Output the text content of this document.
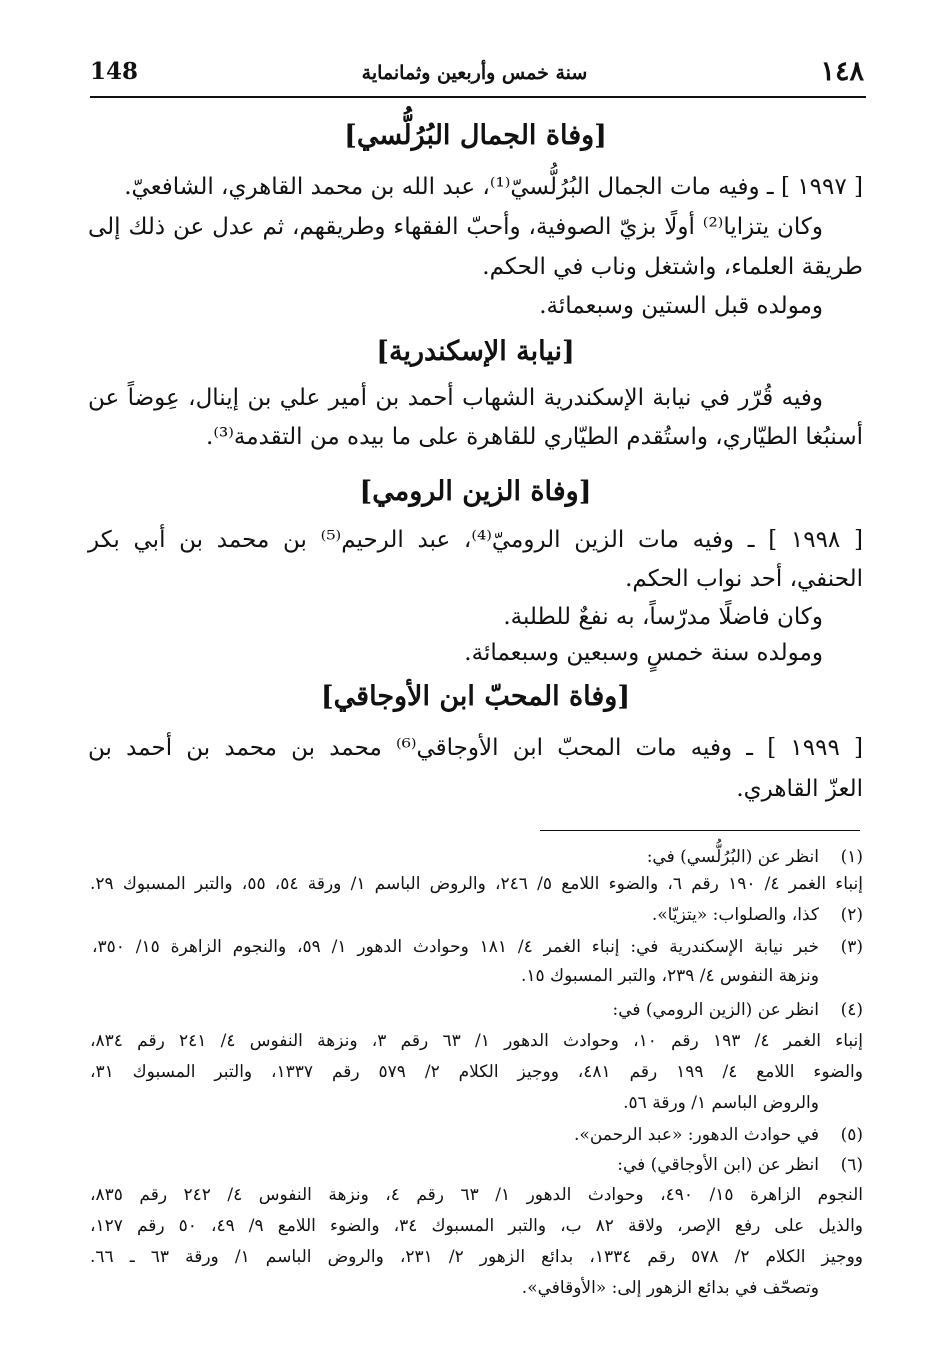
١٤٨
سنة خمس وأربعين وثمانماية
148
[وفاة الجمال البُرُلُّسي]
[ ١٩٩٧ ] ـ وفيه مات الجمال البُرُلُّسيّ⁽¹⁾، عبد الله بن محمد القاهري، الشافعيّ.
وكان يتزايا⁽²⁾ أولًا بزيّ الصوفية، وأحبّ الفقهاء وطريقهم، ثم عدل عن ذلك إلى
طريقة العلماء، واشتغل وناب في الحكم.
ومولده قبل الستين وسبعمائة.
[نيابة الإسكندرية]
وفيه قُرّر في نيابة الإسكندرية الشهاب أحمد بن أمير علي بن إينال، عِوضاً عن
أسنبُغا الطيّاري، واستُقدم الطيّاري للقاهرة على ما بيده من التقدمة⁽³⁾.
[وفاة الزين الرومي]
[ ١٩٩٨ ] ـ وفيه مات الزين الروميّ⁽⁴⁾، عبد الرحيم⁽⁵⁾ بن محمد بن أبي بكر
الحنفي، أحد نواب الحكم.
وكان فاضلًا مدرّساً، به نفعٌ للطلبة.
ومولده سنة خمسٍ وسبعين وسبعمائة.
[وفاة المحبّ ابن الأوجاقي]
[ ١٩٩٩ ] ـ وفيه مات المحبّ ابن الأوجاقي⁽⁶⁾ محمد بن محمد بن أحمد بن
العزّ القاهري.
(١)
انظر عن (البُرُلُّسي) في:
إنباء الغمر ٤/ ١٩٠ رقم ٦، والضوء اللامع ٥/ ٢٤٦، والروض الباسم ١/ ورقة ٥٤، ٥٥، والتبر المسبوك ٢٩.
(٢)
كذا، والصلواب: «يتزيّا».
(٣)
خبر نيابة الإسكندرية في: إنباء الغمر ٤/ ١٨١ وحوادث الدهور ١/ ٥٩، والنجوم الزاهرة ١٥/ ٣٥٠،
ونزهة النفوس ٤/ ٢٣٩، والتبر المسبوك ١٥.
(٤)
انظر عن (الزين الرومي) في:
إنباء الغمر ٤/ ١٩٣ رقم ١٠، وحوادث الدهور ١/ ٦٣ رقم ٣، ونزهة النفوس ٤/ ٢٤١ رقم ٨٣٤،
والضوء اللامع ٤/ ١٩٩ رقم ٤٨١، ووجيز الكلام ٢/ ٥٧٩ رقم ١٣٣٧، والتبر المسبوك ٣١،
والروض الباسم ١/ ورقة ٥٦.
(٥)
في حوادث الدهور: «عبد الرحمن».
(٦)
انظر عن (ابن الأوجاقي) في:
النجوم الزاهرة ١٥/ ٤٩٠، وحوادث الدهور ١/ ٦٣ رقم ٤، ونزهة النفوس ٤/ ٢٤٢ رقم ٨٣٥،
والذيل على رفع الإصر، ولاقة ٨٢ ب، والتبر المسبوك ٣٤، والضوء اللامع ٩/ ٤٩، ٥٠ رقم ١٢٧،
ووجيز الكلام ٢/ ٥٧٨ رقم ١٣٣٤، بدائع الزهور ٢/ ٢٣١، والروض الباسم ١/ ورقة ٦٣ ـ ٦٦.
وتصحّف في بدائع الزهور إلى: «الأوقافي».
